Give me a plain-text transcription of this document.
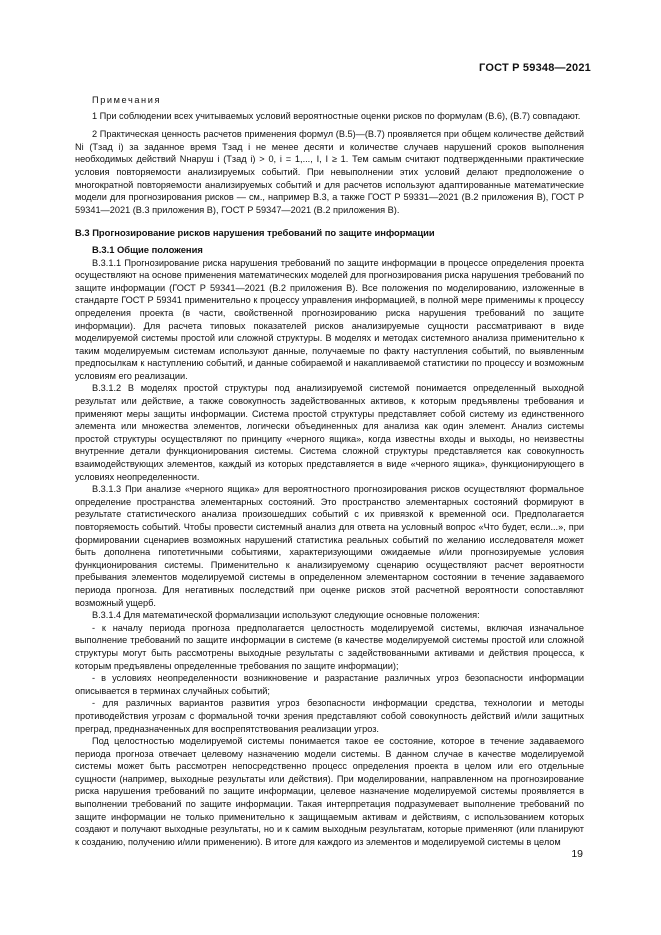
ГОСТ Р 59348—2021

Примечания

1 При соблюдении всех учитываемых условий вероятностные оценки рисков по формулам (В.6), (В.7) совпадают.

2 Практическая ценность расчетов применения формул (В.5)—(В.7) проявляется при общем количестве действий Ni (Tзад i) за заданное время Tзад i не менее десяти и количестве случаев нарушений сроков выполнения необходимых действий Nнаруш i (Tзад i) > 0, i = 1,..., I, I ≥ 1. Тем самым считают подтвержденными практические условия повторяемости анализируемых событий. При невыполнении этих условий делают предположение о многократной повторяемости анализируемых событий и для расчетов используют адаптированные математические модели для прогнозирования рисков — см., например В.3, а также ГОСТ Р 59331—2021 (В.2 приложения В), ГОСТ Р 59341—2021 (В.3 приложения В), ГОСТ Р 59347—2021 (В.2 приложения В).

В.3 Прогнозирование рисков нарушения требований по защите информации

В.3.1 Общие положения

В.3.1.1 Прогнозирование риска нарушения требований по защите информации в процессе определения проекта осуществляют на основе применения математических моделей для прогнозирования риска нарушения требований по защите информации (ГОСТ Р 59341—2021 (В.2 приложения В). Все положения по моделированию, изложенные в стандарте ГОСТ Р 59341 применительно к процессу управления информацией, в полной мере применимы к процессу определения проекта (в части, свойственной прогнозированию риска нарушения требований по защите информации). Для расчета типовых показателей рисков анализируемые сущности рассматривают в виде моделируемой системы простой или сложной структуры. В моделях и методах системного анализа применительно к таким моделируемым системам используют данные, получаемые по факту наступления событий, по выявленным предпосылкам к наступлению событий, и данные собираемой и накапливаемой статистики по процессу и возможным условиям его реализации.

В.3.1.2 В моделях простой структуры под анализируемой системой понимается определенный выходной результат или действие, а также совокупность задействованных активов, к которым предъявлены требования и применяют меры защиты информации. Система простой структуры представляет собой систему из единственного элемента или множества элементов, логически объединенных для анализа как один элемент. Анализ системы простой структуры осуществляют по принципу «черного ящика», когда известны входы и выходы, но неизвестны внутренние детали функционирования системы. Система сложной структуры представляется как совокупность взаимодействующих элементов, каждый из которых представляется в виде «черного ящика», функционирующего в условиях неопределенности.

В.3.1.3 При анализе «черного ящика» для вероятностного прогнозирования рисков осуществляют формальное определение пространства элементарных состояний. Это пространство элементарных состояний формируют в результате статистического анализа произошедших событий с их привязкой к временной оси. Предполагается повторяемость событий. Чтобы провести системный анализ для ответа на условный вопрос «Что будет, если...», при формировании сценариев возможных нарушений статистика реальных событий по желанию исследователя может быть дополнена гипотетичными событиями, характеризующими ожидаемые и/или прогнозируемые условия функционирования системы. Применительно к анализируемому сценарию осуществляют расчет вероятности пребывания элементов моделируемой системы в определенном элементарном состоянии в течение задаваемого периода прогноза. Для негативных последствий при оценке рисков этой расчетной вероятности сопоставляют возможный ущерб.

В.3.1.4 Для математической формализации используют следующие основные положения:

- к началу периода прогноза предполагается целостность моделируемой системы, включая изначальное выполнение требований по защите информации в системе (в качестве моделируемой системы простой или сложной структуры могут быть рассмотрены выходные результаты с задействованными активами и действия процесса, к которым предъявлены определенные требования по защите информации);

- в условиях неопределенности возникновение и разрастание различных угроз безопасности информации описывается в терминах случайных событий;

- для различных вариантов развития угроз безопасности информации средства, технологии и методы противодействия угрозам с формальной точки зрения представляют собой совокупность действий и/или защитных преград, предназначенных для воспрепятствования реализации угроз.

Под целостностью моделируемой системы понимается такое ее состояние, которое в течение задаваемого периода прогноза отвечает целевому назначению модели системы. В данном случае в качестве моделируемой системы может быть рассмотрен непосредственно процесс определения проекта в целом или его отдельные сущности (например, выходные результаты или действия). При моделировании, направленном на прогнозирование риска нарушения требований по защите информации, целевое назначение моделируемой системы проявляется в выполнении требований по защите информации. Такая интерпретация подразумевает выполнение требований по защите информации не только применительно к защищаемым активам и действиям, с использованием которых создают и получают выходные результаты, но и к самим выходным результатам, которые применяют (или планируют к созданию, получению и/или применению). В итоге для каждого из элементов и моделируемой системы в целом

19
